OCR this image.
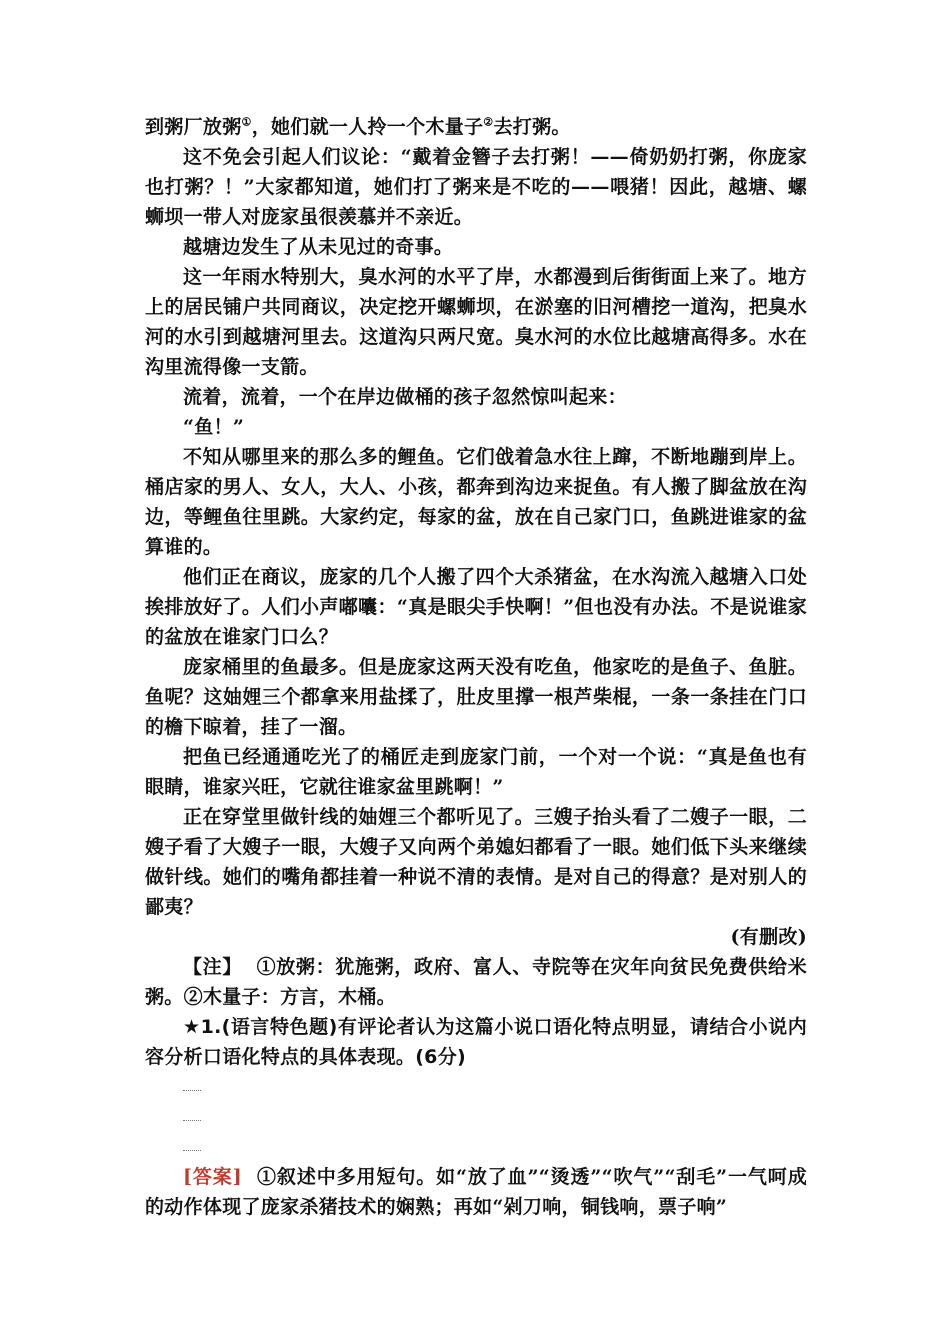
到粥厂放粥①，她们就一人拎一个木量子②去打粥。

这不免会引起人们议论：“戴着金簪子去打粥！——倚奶奶打粥，你庞家也打粥？！”大家都知道，她们打了粥来是不吃的——喂猪！因此，越塘、螺蛳坝一带人对庞家虽很羡慕并不亲近。

越塘边发生了从未见过的奇事。

这一年雨水特别大，臭水河的水平了岸，水都漫到后街街面上来了。地方上的居民铺户共同商议，决定挖开螺蛳坝，在淤塞的旧河槽挖一道沟，把臭水河的水引到越塘河里去。这道沟只两尺宽。臭水河的水位比越塘高得多。水在沟里流得像一支箭。

流着，流着，一个在岸边做桶的孩子忽然惊叫起来：

“鱼！”

不知从哪里来的那么多的鲤鱼。它们戗着急水往上蹿，不断地蹦到岸上。桶店家的男人、女人，大人、小孩，都奔到沟边来捉鱼。有人搬了脚盆放在沟边，等鲤鱼往里跳。大家约定，每家的盆，放在自己家门口，鱼跳进谁家的盆算谁的。

他们正在商议，庞家的几个人搬了四个大杀猪盆，在水沟流入越塘入口处挨排放好了。人们小声嘟囔：“真是眼尖手快啊！”但也没有办法。不是说谁家的盆放在谁家门口么？

庞家桶里的鱼最多。但是庞家这两天没有吃鱼，他家吃的是鱼子、鱼脏。鱼呢？这妯娌三个都拿来用盐揉了，肚皮里撑一根芦柴棍，一条一条挂在门口的檐下晾着，挂了一溜。

把鱼已经通通吃光了的桶匠走到庞家门前，一个对一个说：“真是鱼也有眼睛，谁家兴旺，它就往谁家盆里跳啊！”

正在穿堂里做针线的妯娌三个都听见了。三嫂子抬头看了二嫂子一眼，二嫂子看了大嫂子一眼，大嫂子又向两个弟媳妇都看了一眼。她们低下头来继续做针线。她们的嘴角都挂着一种说不清的表情。是对自己的得意？是对别人的鄙夷？

(有删改)

【注】 ①放粥：犹施粥，政府、富人、寺院等在灾年向贫民免费供给米粥。②木量子：方言，木桶。

★1.(语言特色题)有评论者认为这篇小说口语化特点明显，请结合小说内容分析口语化特点的具体表现。(6分)

[答案] ①叙述中多用短句。如“放了血”“烫透”“吹气”“刮毛”一气呵成的动作体现了庞家杀猪技术的娴熟；再如“剁刀响，铜钱响，票子响”
